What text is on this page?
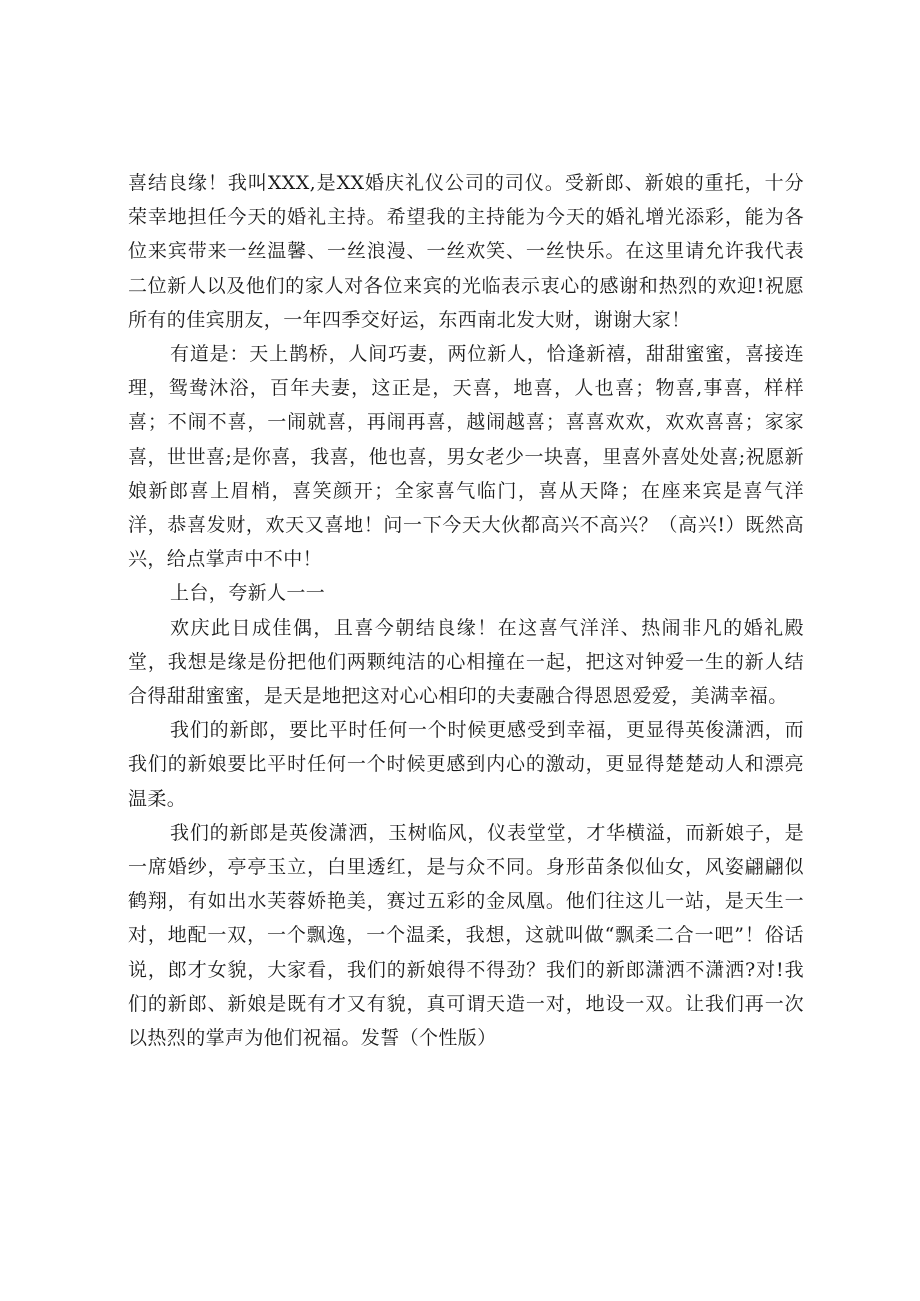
喜结良缘！我叫XXX,是XX婚庆礼仪公司的司仪。受新郎、新娘的重托，十分荣幸地担任今天的婚礼主持。希望我的主持能为今天的婚礼增光添彩，能为各位来宾带来一丝温馨、一丝浪漫、一丝欢笑、一丝快乐。在这里请允许我代表二位新人以及他们的家人对各位来宾的光临表示衷心的感谢和热烈的欢迎!祝愿所有的佳宾朋友，一年四季交好运，东西南北发大财，谢谢大家！

有道是：天上鹊桥，人间巧妻，两位新人，恰逢新禧，甜甜蜜蜜，喜接连理，鸳鸯沐浴，百年夫妻，这正是，天喜，地喜，人也喜；物喜,事喜，样样喜；不闹不喜，一闹就喜，再闹再喜，越闹越喜；喜喜欢欢，欢欢喜喜；家家喜，世世喜;是你喜，我喜，他也喜，男女老少一块喜，里喜外喜处处喜;祝愿新娘新郎喜上眉梢，喜笑颜开；全家喜气临门，喜从天降；在座来宾是喜气洋洋，恭喜发财，欢天又喜地！问一下今天大伙都高兴不高兴？（高兴!）既然高兴，给点掌声中不中！

上台，夸新人一一

欢庆此日成佳偶，且喜今朝结良缘！在这喜气洋洋、热闹非凡的婚礼殿堂，我想是缘是份把他们两颗纯洁的心相撞在一起，把这对钟爱一生的新人结合得甜甜蜜蜜，是天是地把这对心心相印的夫妻融合得恩恩爱爱，美满幸福。

我们的新郎，要比平时任何一个时候更感受到幸福，更显得英俊潇洒，而我们的新娘要比平时任何一个时候更感到内心的激动，更显得楚楚动人和漂亮温柔。

我们的新郎是英俊潇洒，玉树临风，仪表堂堂，才华横溢，而新娘子，是一席婚纱，亭亭玉立，白里透红，是与众不同。身形苗条似仙女，风姿翩翩似鹤翔，有如出水芙蓉娇艳美，赛过五彩的金凤凰。他们往这儿一站，是天生一对，地配一双，一个飘逸，一个温柔，我想，这就叫做“飘柔二合一吧”！俗话说，郎才女貌，大家看，我们的新娘得不得劲？我们的新郎潇洒不潇洒?对!我们的新郎、新娘是既有才又有貌，真可谓天造一对，地设一双。让我们再一次以热烈的掌声为他们祝福。发誓（个性版）
